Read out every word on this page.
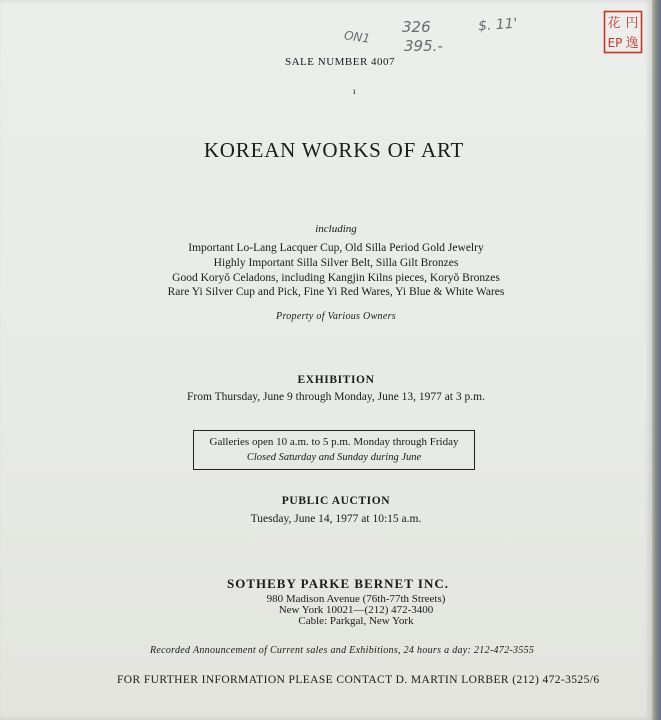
ON1
326
395.-
$. 11'	花 円
EP 逸
SALE NUMBER 4007
ı
KOREAN WORKS OF ART
including
Important Lo-Lang Lacquer Cup, Old Silla Period Gold Jewelry
Highly Important Silla Silver Belt, Silla Gilt Bronzes
Good Koryŏ Celadons, including Kangjin Kilns pieces, Koryŏ Bronzes
Rare Yi Silver Cup and Pick, Fine Yi Red Wares, Yi Blue & White Wares
Property of Various Owners
EXHIBITION
From Thursday, June 9 through Monday, June 13, 1977 at 3 p.m.
Galleries open 10 a.m. to 5 p.m. Monday through Friday
Closed Saturday and Sunday during June
PUBLIC AUCTION
Tuesday, June 14, 1977 at 10:15 a.m.
SOTHEBY PARKE BERNET INC.
980 Madison Avenue (76th-77th Streets)
New York 10021—(212) 472-3400
Cable: Parkgal, New York
Recorded Announcement of Current sales and Exhibitions, 24 hours a day: 212-472-3555
FOR FURTHER INFORMATION PLEASE CONTACT D. MARTIN LORBER (212) 472-3525/6
